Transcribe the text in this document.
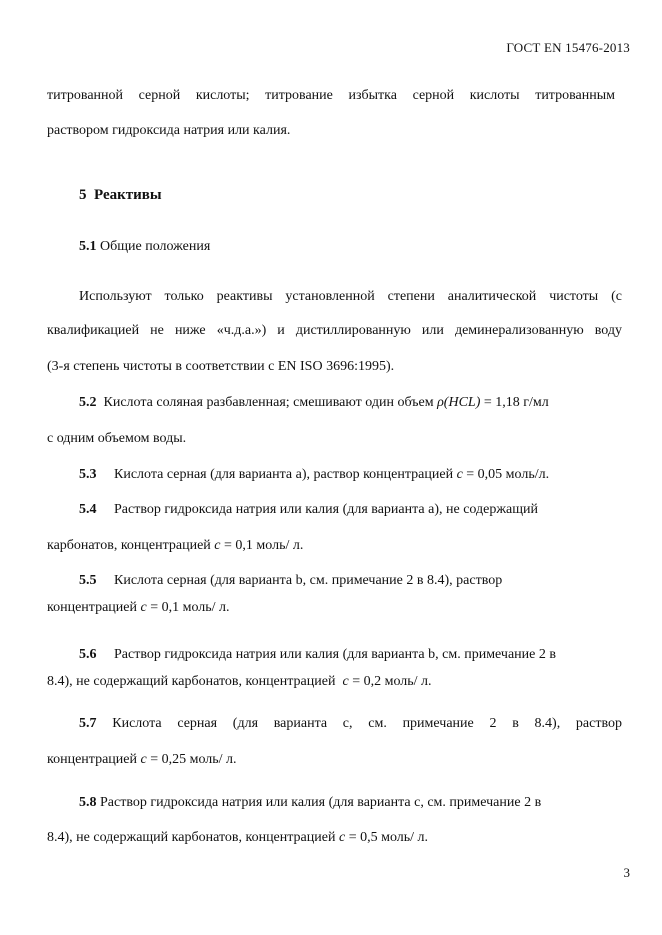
ГОСТ EN 15476-2013
титрованной серной кислоты; титрование избытка серной кислоты титрованным
раствором гидроксида натрия или калия.
5 Реактивы
5.1 Общие положения
Используют только реактивы установленной степени аналитической чистоты (с
квалификацией не ниже «ч.д.а.») и дистиллированную или деминерализованную воду
(3-я степень чистоты в соответствии с EN ISO 3696:1995).
5.2 Кислота соляная разбавленная; смешивают один объем ρ(HCL) = 1,18 г/мл
с одним объемом воды.
5.3 Кислота серная (для варианта a), раствор концентрацией c = 0,05 моль/л.
5.4 Раствор гидроксида натрия или калия (для варианта a), не содержащий
карбонатов, концентрацией c = 0,1 моль/ л.
5.5 Кислота серная (для варианта b, см. примечание 2 в 8.4), раствор
концентрацией c = 0,1 моль/ л.
5.6 Раствор гидроксида натрия или калия (для варианта b, см. примечание 2 в
8.4), не содержащий карбонатов, концентрацией c = 0,2 моль/ л.
5.7 Кислота серная (для варианта c, см. примечание 2 в 8.4), раствор
концентрацией c = 0,25 моль/ л.
5.8 Раствор гидроксида натрия или калия (для варианта c, см. примечание 2 в
8.4), не содержащий карбонатов, концентрацией c = 0,5 моль/ л.
3
